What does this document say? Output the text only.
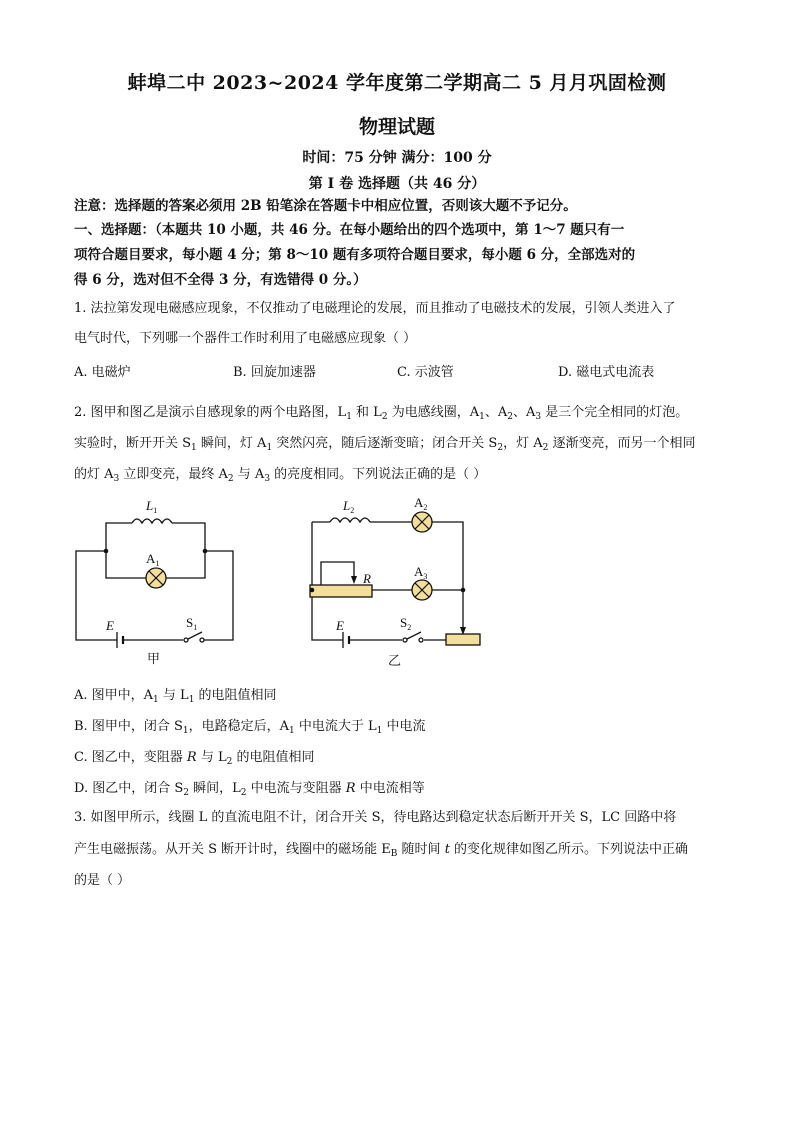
蚌埠二中 2023~2024 学年度第二学期高二 5 月月巩固检测
物理试题
时间：75 分钟 满分：100 分
第 I 卷 选择题（共 46 分）
注意：选择题的答案必须用 2B 铅笔涂在答题卡中相应位置，否则该大题不予记分。
一、选择题：（本题共 10 小题，共 46 分。在每小题给出的四个选项中，第 1～7 题只有一
项符合题目要求，每小题 4 分；第 8～10 题有多项符合题目要求，每小题 6 分，全部选对的
得 6 分，选对但不全得 3 分，有选错得 0 分。）
1. 法拉第发现电磁感应现象，不仅推动了电磁理论的发展，而且推动了电磁技术的发展，引领人类进入了
电气时代，下列哪一个器件工作时利用了电磁感应现象（ ）
A. 电磁炉	B. 回旋加速器	C. 示波管	D. 磁电式电流表
2. 图甲和图乙是演示自感现象的两个电路图，$L_1$ 和 $L_2$ 为电感线圈，$A_1$、$A_2$、$A_3$ 是三个完全相同的灯泡。
实验时，断开开关 $S_1$ 瞬间，灯 $A_1$ 突然闪亮，随后逐渐变暗；闭合开关 $S_2$，灯 $A_2$ 逐渐变亮，而另一个相同
的灯 $A_3$ 立即变亮，最终 $A_2$ 与 $A_3$ 的亮度相同。下列说法正确的是（ ）
$L_1$
$A_1$
E	$S_1$
$L_2$
$A_2$
$A_3$
R
E	$S_2$
甲	乙
A. 图甲中，$A_1$ 与 $L_1$ 的电阻值相同
B. 图甲中，闭合 $S_1$，电路稳定后，$A_1$ 中电流大于 $L_1$ 中电流
C. 图乙中，变阻器 R 与 $L_2$ 的电阻值相同
D. 图乙中，闭合 $S_2$ 瞬间，$L_2$ 中电流与变阻器 R 中电流相等
3. 如图甲所示，线圈 L 的直流电阻不计，闭合开关 S，待电路达到稳定状态后断开开关 S，LC 回路中将
产生电磁振荡。从开关 S 断开计时，线圈中的磁场能 $E_B$ 随时间 t 的变化规律如图乙所示。下列说法中正确
的是（ ）
